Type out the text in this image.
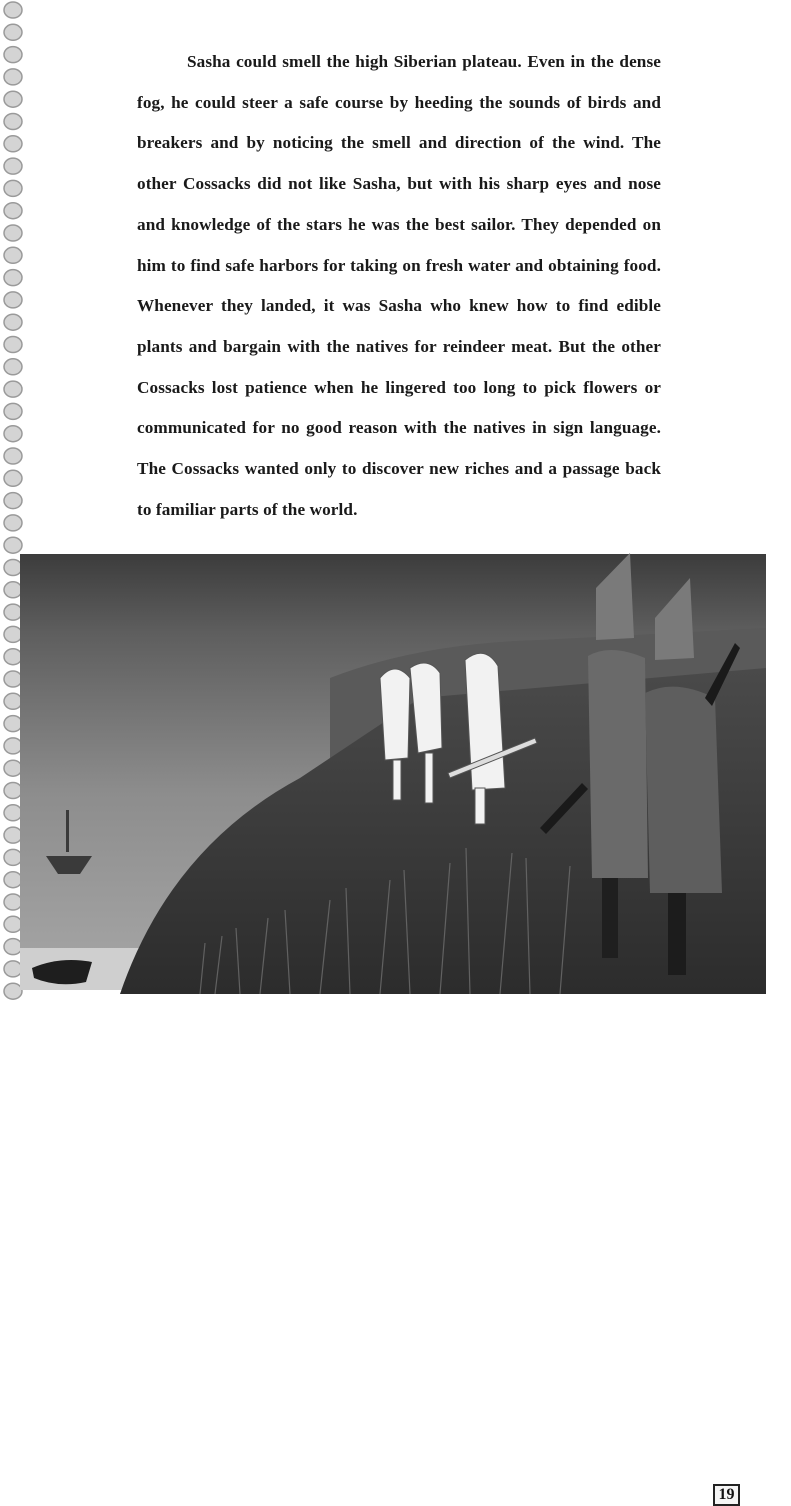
Sasha could smell the high Siberian plateau. Even in the dense fog, he could steer a safe course by heeding the sounds of birds and breakers and by noticing the smell and direction of the wind. The other Cossacks did not like Sasha, but with his sharp eyes and nose and knowledge of the stars he was the best sailor. They depended on him to find safe harbors for taking on fresh water and obtaining food. Whenever they landed, it was Sasha who knew how to find edible plants and bargain with the natives for reindeer meat. But the other Cossacks lost patience when he lingered too long to pick flowers or communicated for no good reason with the natives in sign language. The Cossacks wanted only to discover new riches and a passage back to familiar parts of the world.

19
